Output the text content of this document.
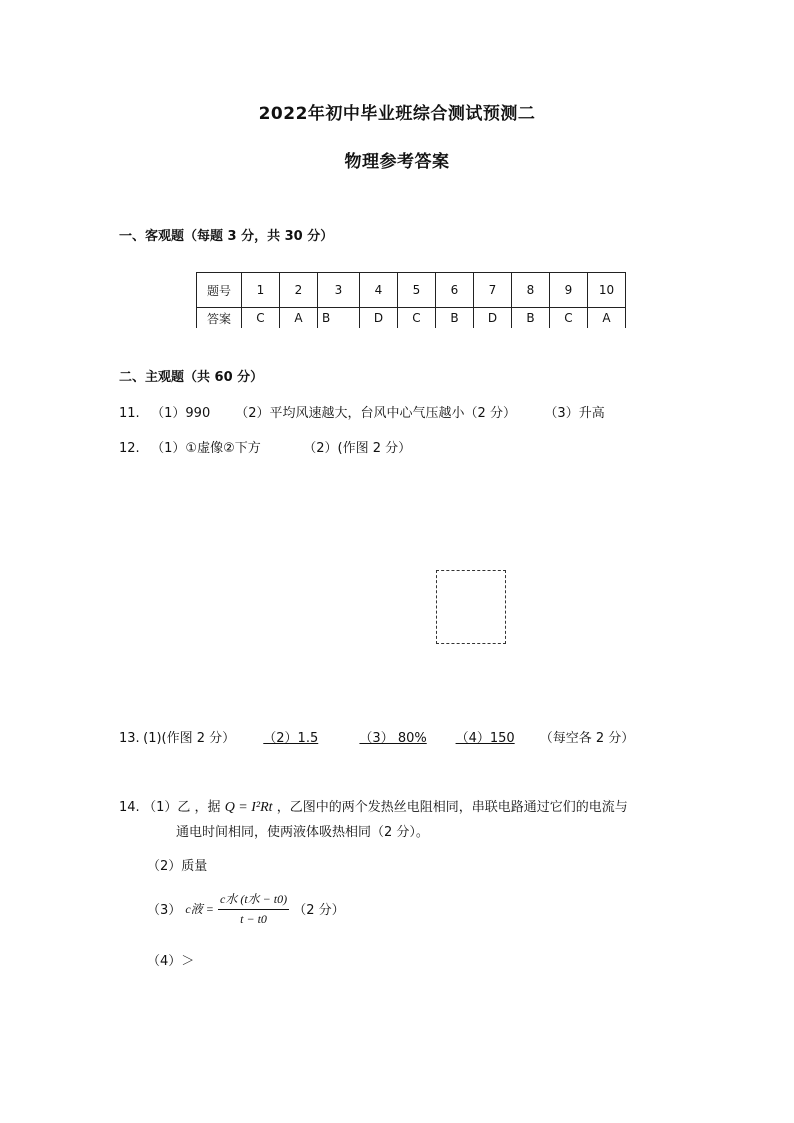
2022年初中毕业班综合测试预测二
物理参考答案
一、客观题（每题 3 分，共 30 分）
题号	1	2	3	4	5	6	7	8	9	10
答案	C	A	B	D	C	B	D	B	C	A
二、主观题（共 60 分）
11. （1）990 （2）平均风速越大，台风中心气压越小（2 分） （3）升高
12. （1）①虚像②下方	（2）(作图 2 分）
13. (1)(作图 2 分） （2）1.5	（3） 80% （4）150 （每空各 2 分）
14. （1）乙 ，据 Q = I²Rt ，乙图中的两个发热丝电阻相同，串联电路通过它们的电流与
通电时间相同，使两液体吸热相同（2 分）。
（2）质量
（3） c液 = $\frac{\text{c水 (t水 − t0)}}{t - t0} (2$ 分）
（4）＞
